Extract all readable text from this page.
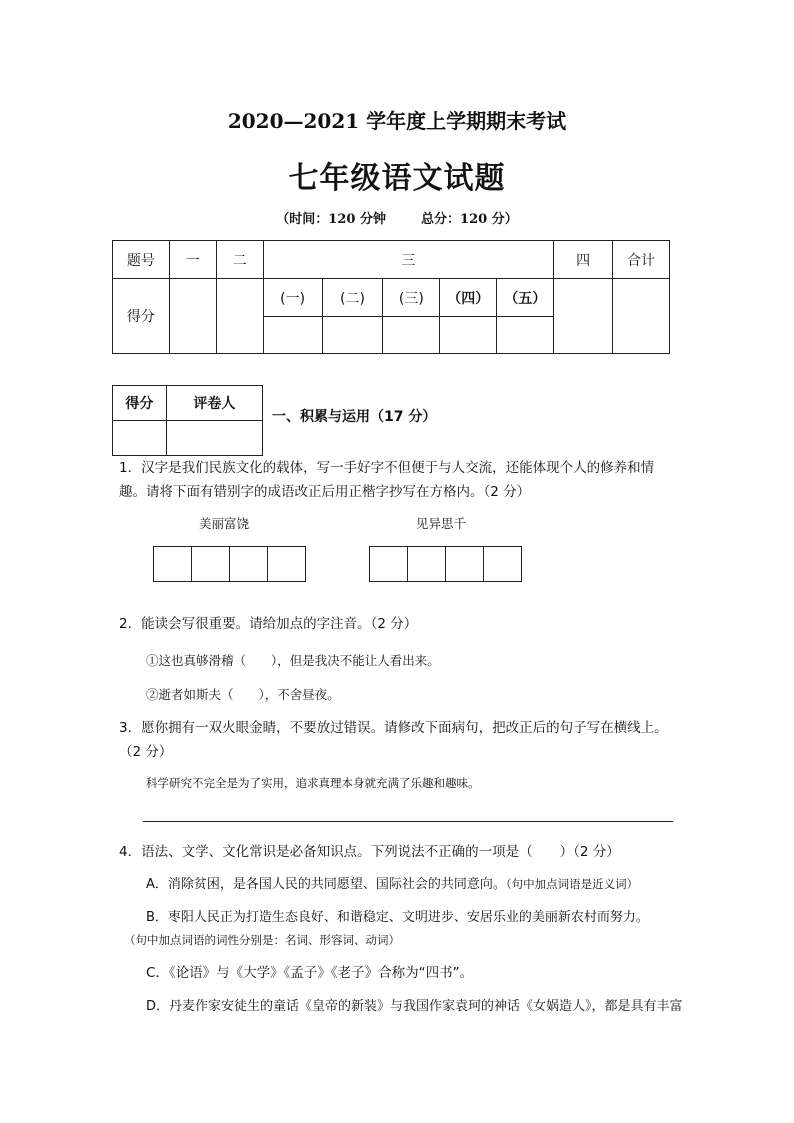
2020—2021 学年度上学期期末考试
七年级语文试题
（时间：120 分钟	总分：120 分）
题号	一	二	三					四	合计
得分			(一)	(二)	(三)	（四）	（五）		

得分	评卷人

一、积累与运用（17 分）
1．汉字是我们民族文化的载体，写一手好字不但便于与人交流，还能体现个人的修养和情趣。请将下面有错别字的成语改正后用正楷字抄写在方格内。（2 分）
美丽富饶	见异思千
2．能读会写很重要。请给加点的字注音。（2 分）
①这也真够滑稽（　　），但是我决不能让人看出来。
②逝者如斯夫（　　），不舍昼夜。
3．愿你拥有一双火眼金睛，不要放过错误。请修改下面病句，把改正后的句子写在横线上。（2 分）
科学研究不完全是为了实用，追求真理本身就充满了乐趣和趣味。
4．语法、文学、文化常识是必备知识点。下列说法不正确的一项是（　　）（2 分）
A．消除贫困，是各国人民的共同愿望、国际社会的共同意向。（句中加点词语是近义词）
B．枣阳人民正为打造生态良好、和谐稳定、文明进步、安居乐业的美丽新农村而努力。
（句中加点词语的词性分别是：名词、形容词、动词）
C．《论语》与《大学》《孟子》《老子》合称为“四书”。
D．丹麦作家安徒生的童话《皇帝的新装》与我国作家袁珂的神话《女娲造人》，都是具有丰富
